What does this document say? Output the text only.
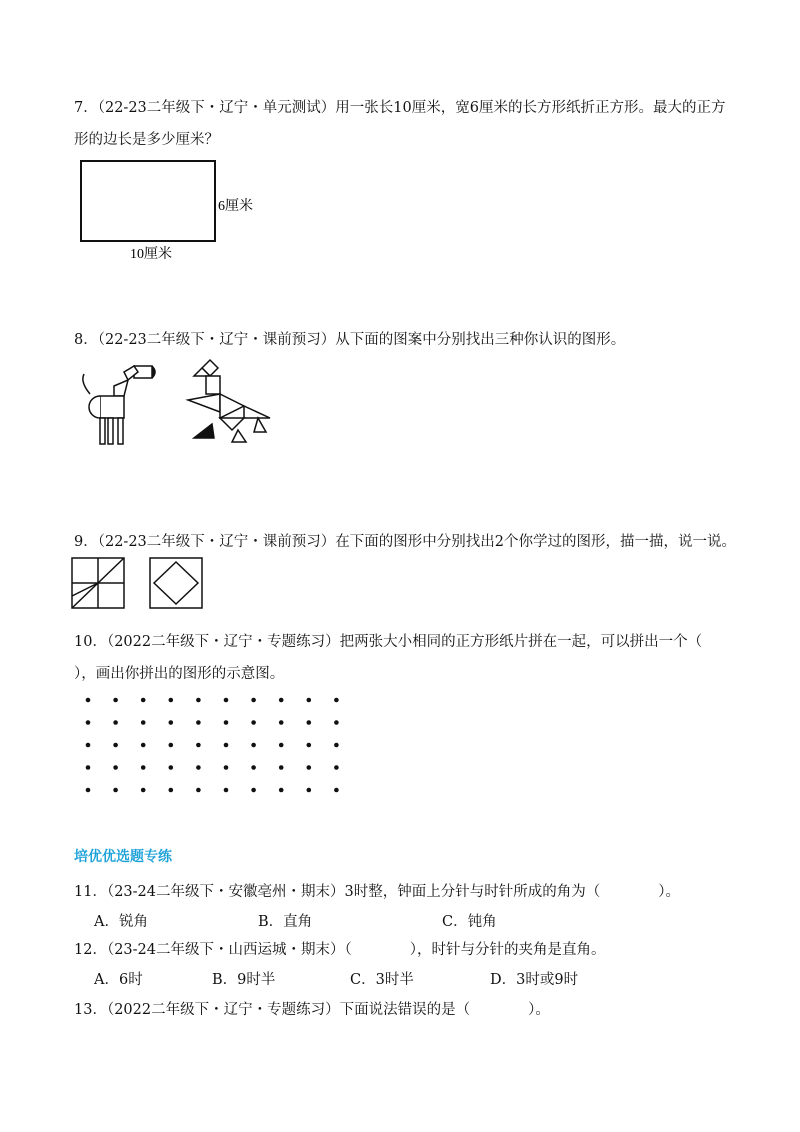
7．（22-23二年级下・辽宁・单元测试）用一张长10厘米，宽6厘米的长方形纸折正方形。最大的正方
形的边长是多少厘米？
6厘米
10厘米
8．（22-23二年级下・辽宁・课前预习）从下面的图案中分别找出三种你认识的图形。
9．（22-23二年级下・辽宁・课前预习）在下面的图形中分别找出2个你学过的图形，描一描，说一说。
10．（2022二年级下・辽宁・专题练习）把两张大小相同的正方形纸片拼在一起，可以拼出一个（
），画出你拼出的图形的示意图。
培优优选题专练
11．（23-24二年级下・安徽亳州・期末）3时整，钟面上分针与时针所成的角为（　　　　）。
A．锐角	B．直角	C．钝角
12．（23-24二年级下・山西运城・期末）（　　　　），时针与分针的夹角是直角。
A．6时	B．9时半	C．3时半	D．3时或9时
13．（2022二年级下・辽宁・专题练习）下面说法错误的是（　　　　）。
